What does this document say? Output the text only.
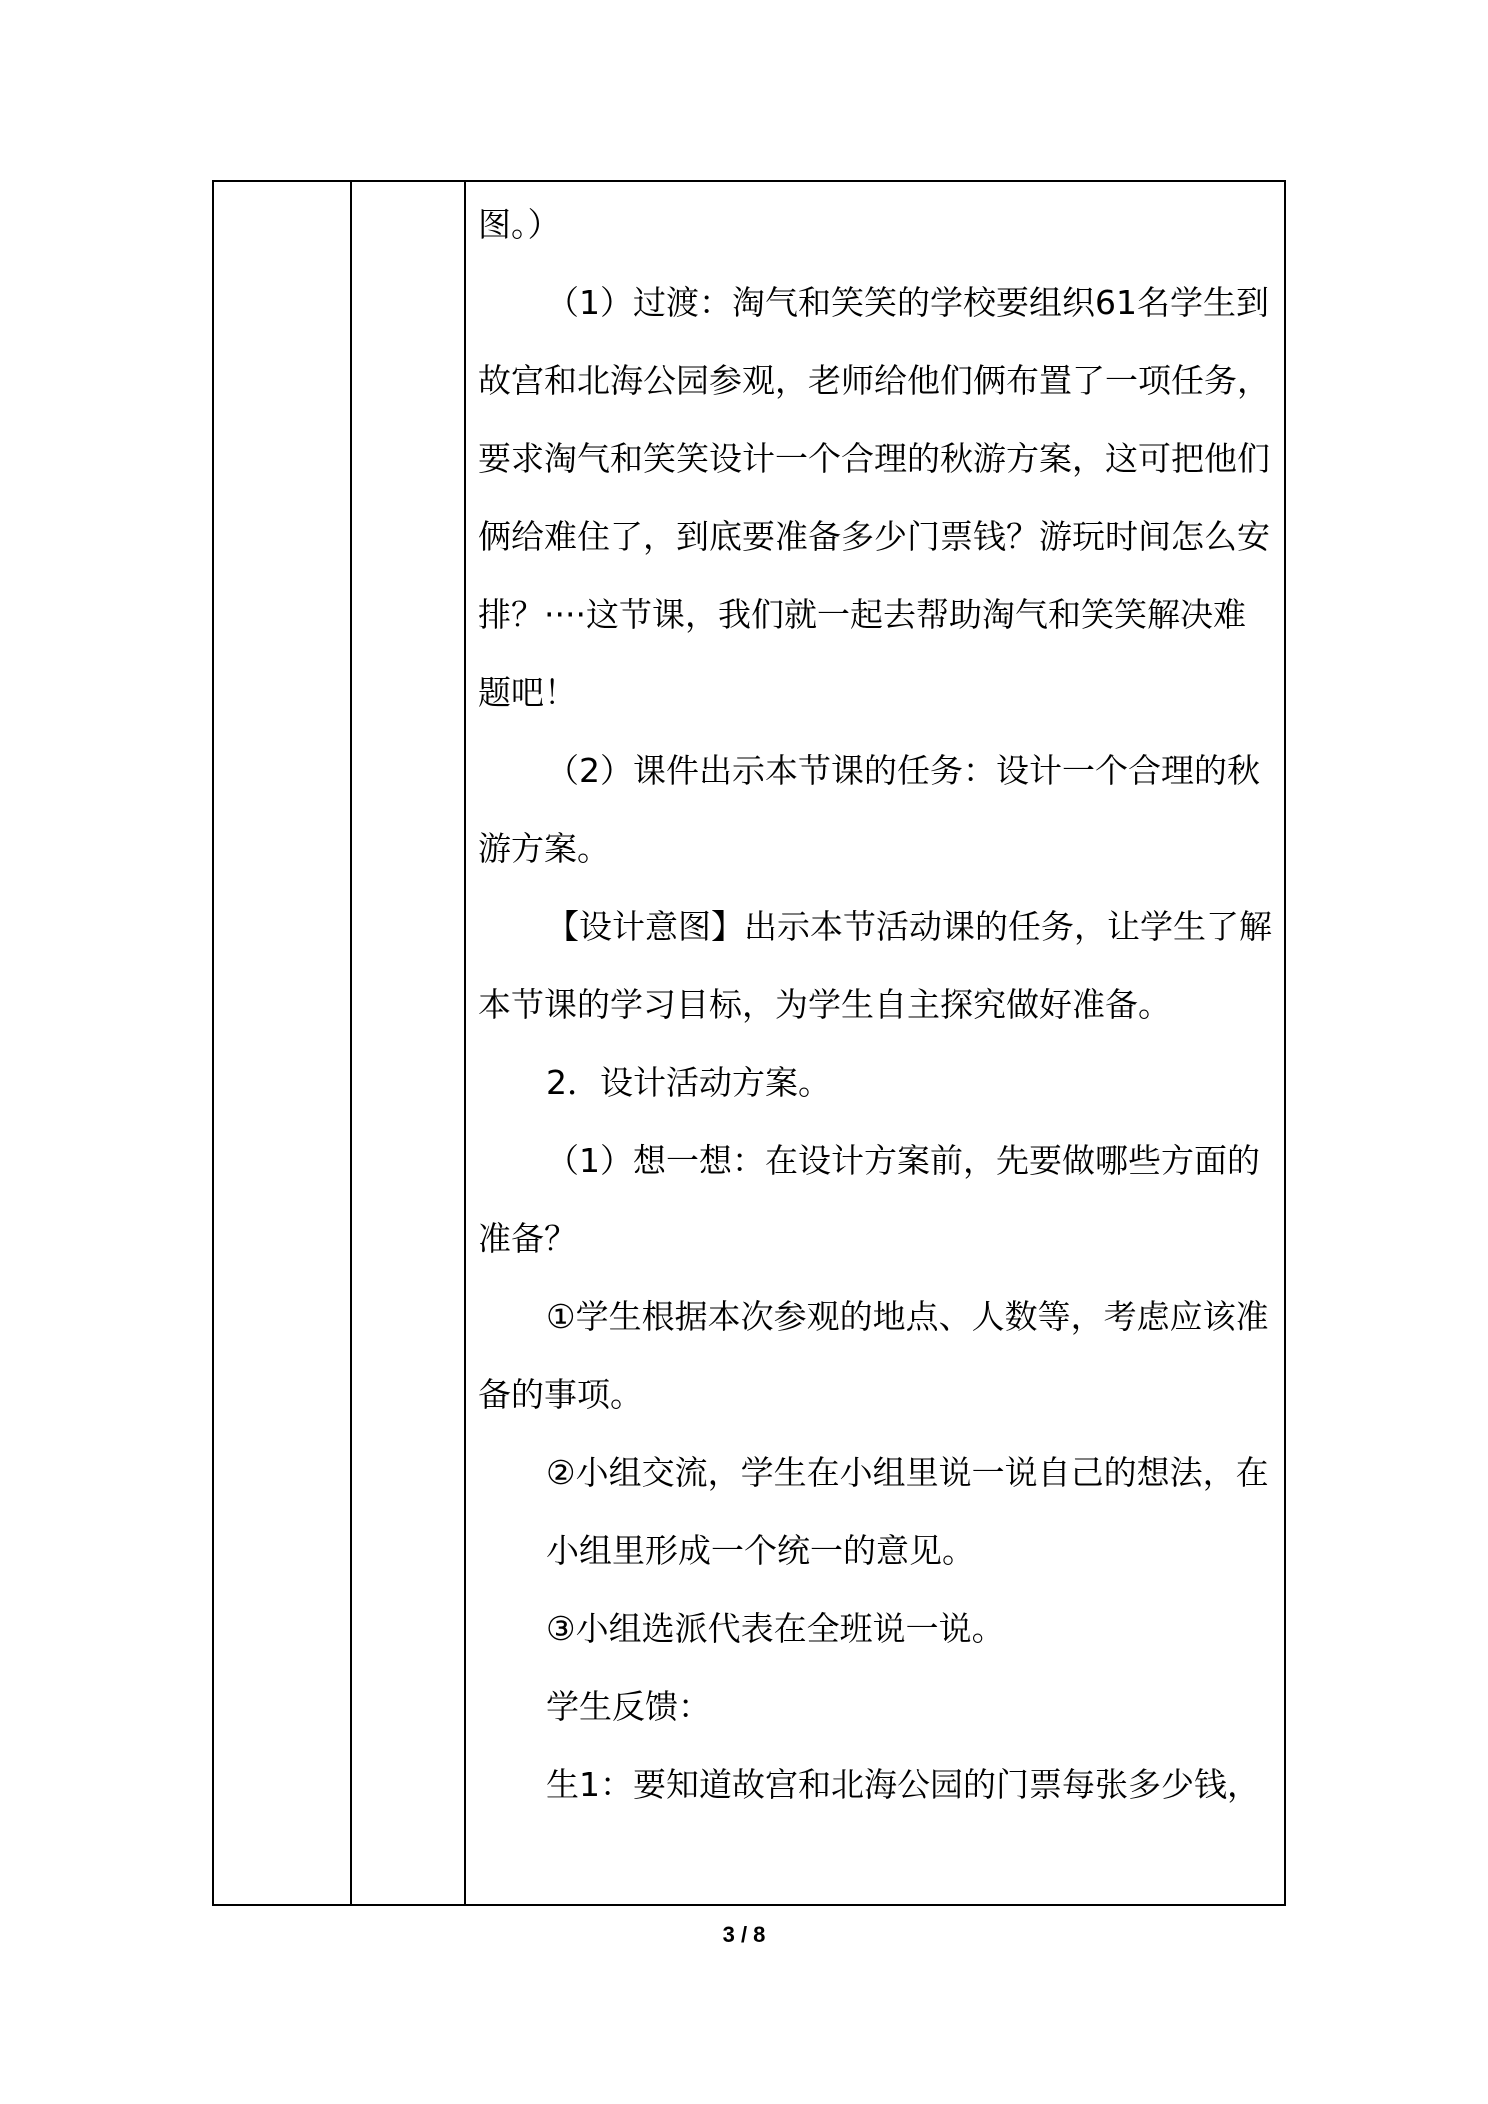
图。）

（1）过渡：淘气和笑笑的学校要组织61名学生到故宫和北海公园参观，老师给他们俩布置了一项任务，要求淘气和笑笑设计一个合理的秋游方案，这可把他们俩给难住了，到底要准备多少门票钱？游玩时间怎么安排？····这节课，我们就一起去帮助淘气和笑笑解决难题吧！

（2）课件出示本节课的任务：设计一个合理的秋游方案。

【设计意图】出示本节活动课的任务，让学生了解本节课的学习目标，为学生自主探究做好准备。

2．设计活动方案。

（1）想一想：在设计方案前，先要做哪些方面的准备？

①学生根据本次参观的地点、人数等，考虑应该准备的事项。

②小组交流，学生在小组里说一说自己的想法，在

小组里形成一个统一的意见。

③小组选派代表在全班说一说。

学生反馈：

生1：要知道故宫和北海公园的门票每张多少钱，

3 / 8
